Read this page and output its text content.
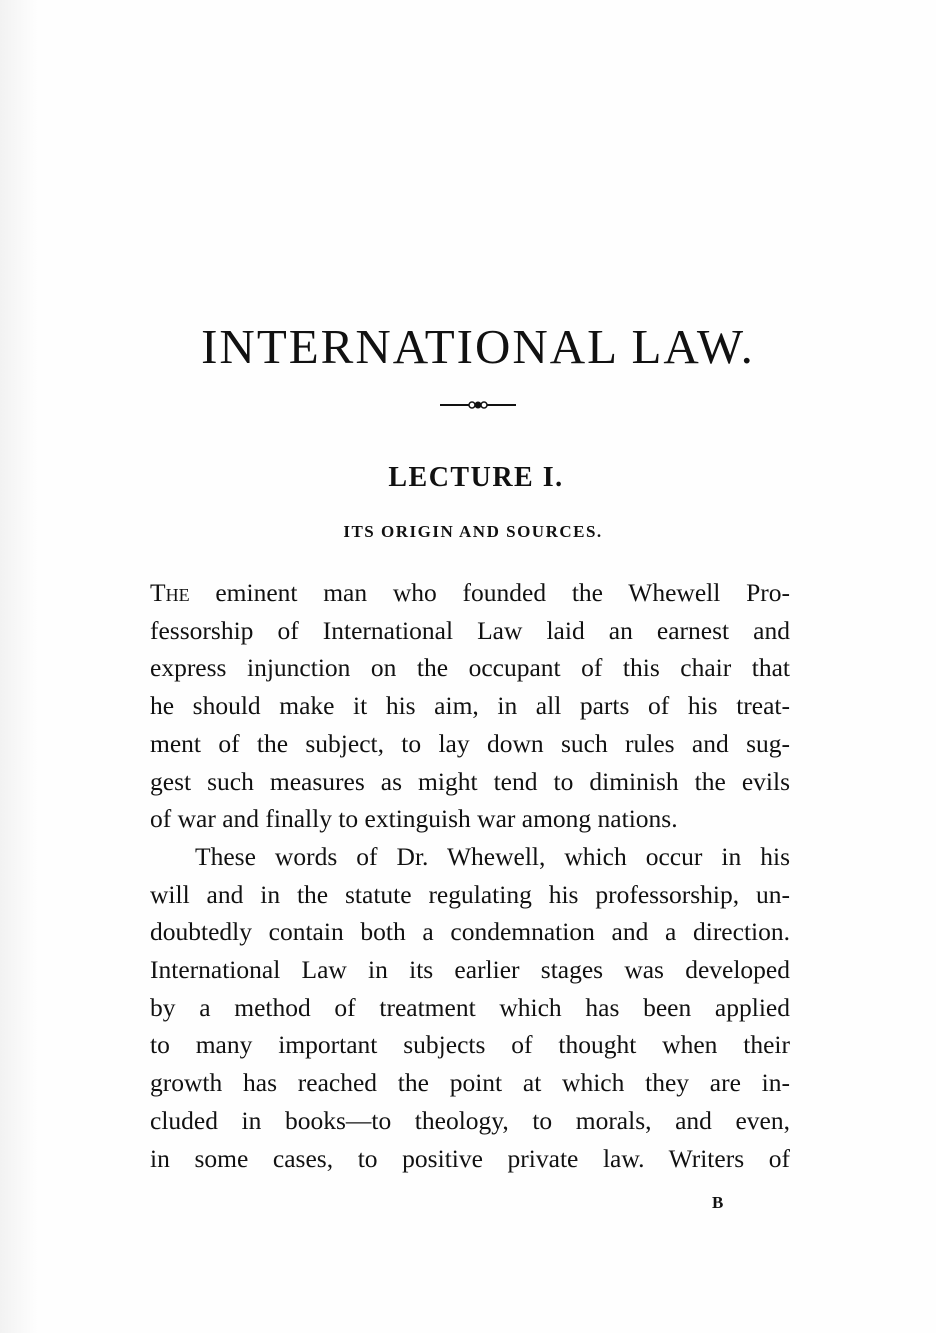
INTERNATIONAL LAW.
LECTURE I.
ITS ORIGIN AND SOURCES.

The eminent man who founded the Whewell Pro-
fessorship of International Law laid an earnest and
express injunction on the occupant of this chair that
he should make it his aim, in all parts of his treat-
ment of the subject, to lay down such rules and sug-
gest such measures as might tend to diminish the evils
of war and finally to extinguish war among nations.

These words of Dr. Whewell, which occur in his
will and in the statute regulating his professorship, un-
doubtedly contain both a condemnation and a direction.
International Law in its earlier stages was developed
by a method of treatment which has been applied
to many important subjects of thought when their
growth has reached the point at which they are in-
cluded in books—to theology, to morals, and even,
in some cases, to positive private law. Writers of

B
